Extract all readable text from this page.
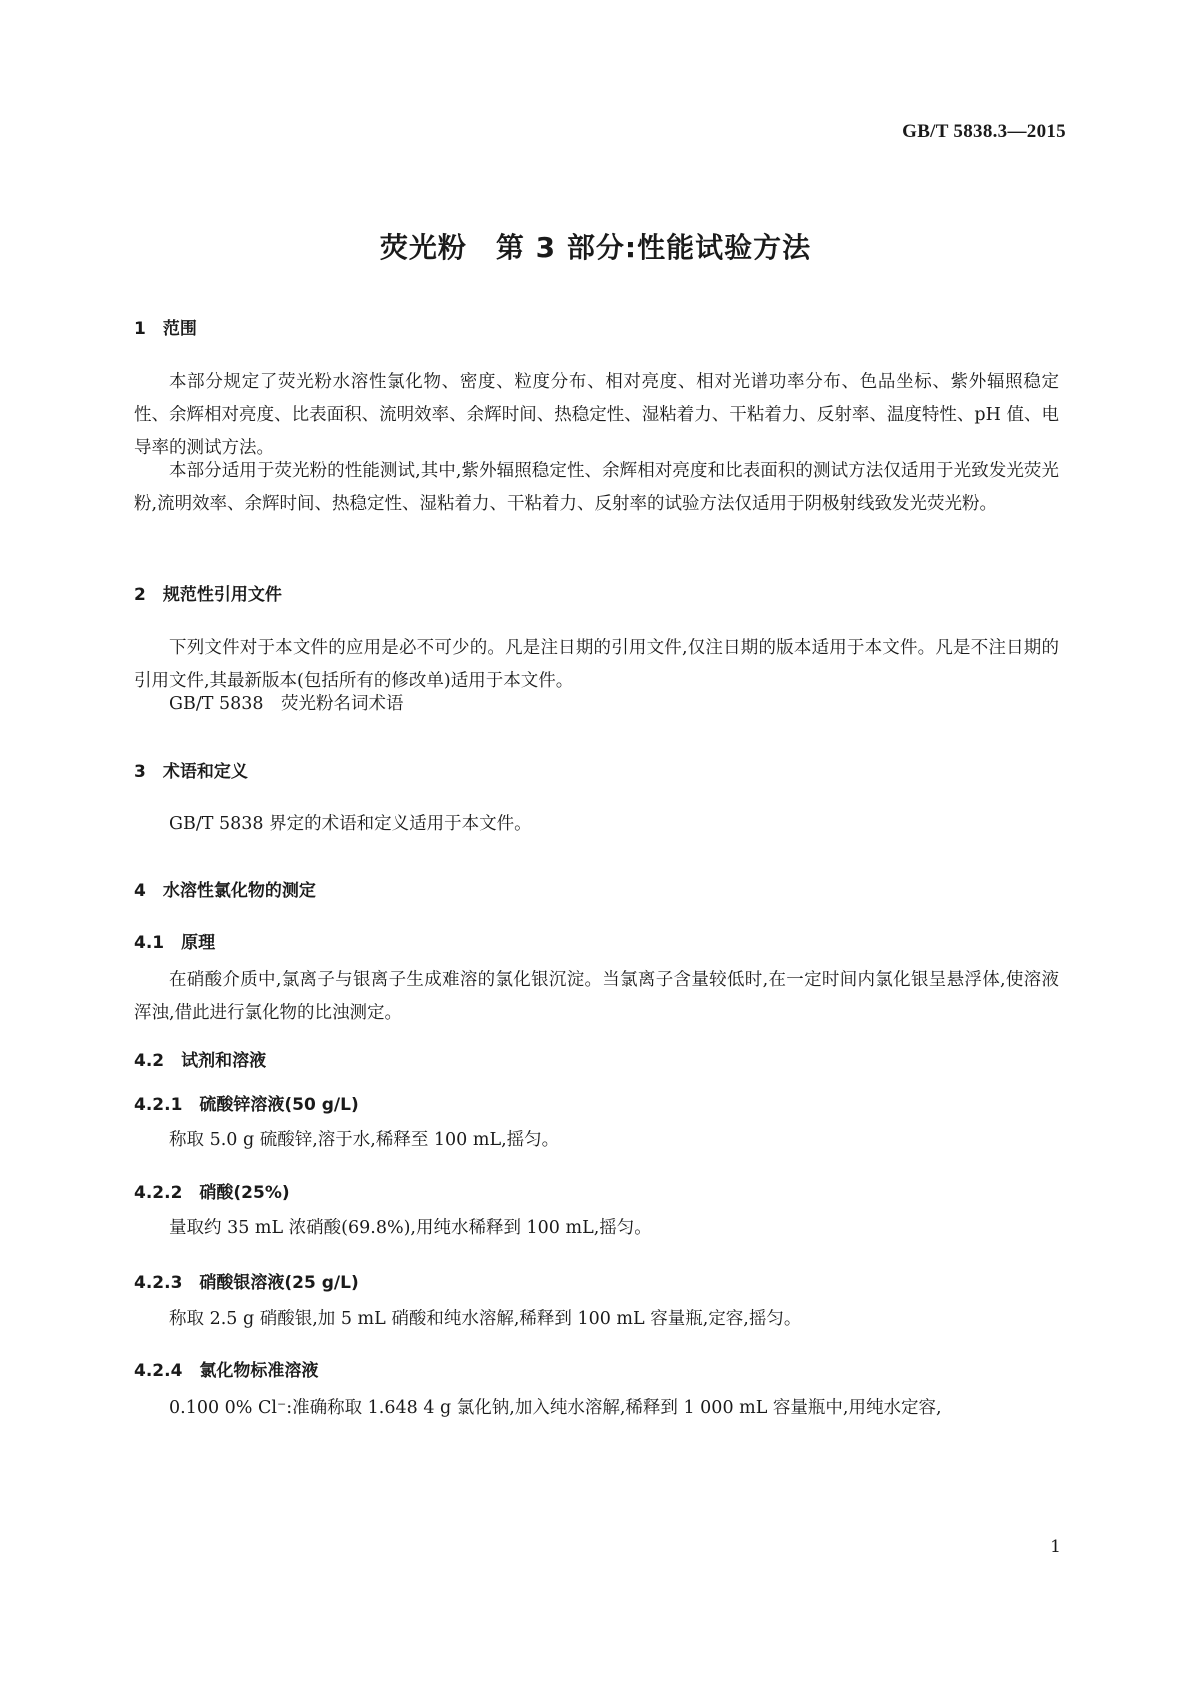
GB/T 5838.3—2015
荧光粉　第 3 部分:性能试验方法
1　范围
本部分规定了荧光粉水溶性氯化物、密度、粒度分布、相对亮度、相对光谱功率分布、色品坐标、紫外辐照稳定性、余辉相对亮度、比表面积、流明效率、余辉时间、热稳定性、湿粘着力、干粘着力、反射率、温度特性、pH 值、电导率的测试方法。
本部分适用于荧光粉的性能测试,其中,紫外辐照稳定性、余辉相对亮度和比表面积的测试方法仅适用于光致发光荧光粉,流明效率、余辉时间、热稳定性、湿粘着力、干粘着力、反射率的试验方法仅适用于阴极射线致发光荧光粉。
2　规范性引用文件
下列文件对于本文件的应用是必不可少的。凡是注日期的引用文件,仅注日期的版本适用于本文件。凡是不注日期的引用文件,其最新版本(包括所有的修改单)适用于本文件。
GB/T 5838　荧光粉名词术语
3　术语和定义
GB/T 5838 界定的术语和定义适用于本文件。
4　水溶性氯化物的测定
4.1　原理
在硝酸介质中,氯离子与银离子生成难溶的氯化银沉淀。当氯离子含量较低时,在一定时间内氯化银呈悬浮体,使溶液浑浊,借此进行氯化物的比浊测定。
4.2　试剂和溶液
4.2.1　硫酸锌溶液(50 g/L)
称取 5.0 g 硫酸锌,溶于水,稀释至 100 mL,摇匀。
4.2.2　硝酸(25%)
量取约 35 mL 浓硝酸(69.8%),用纯水稀释到 100 mL,摇匀。
4.2.3　硝酸银溶液(25 g/L)
称取 2.5 g 硝酸银,加 5 mL 硝酸和纯水溶解,稀释到 100 mL 容量瓶,定容,摇匀。
4.2.4　氯化物标准溶液
0.100 0% Cl⁻:准确称取 1.648 4 g 氯化钠,加入纯水溶解,稀释到 1 000 mL 容量瓶中,用纯水定容,
1
